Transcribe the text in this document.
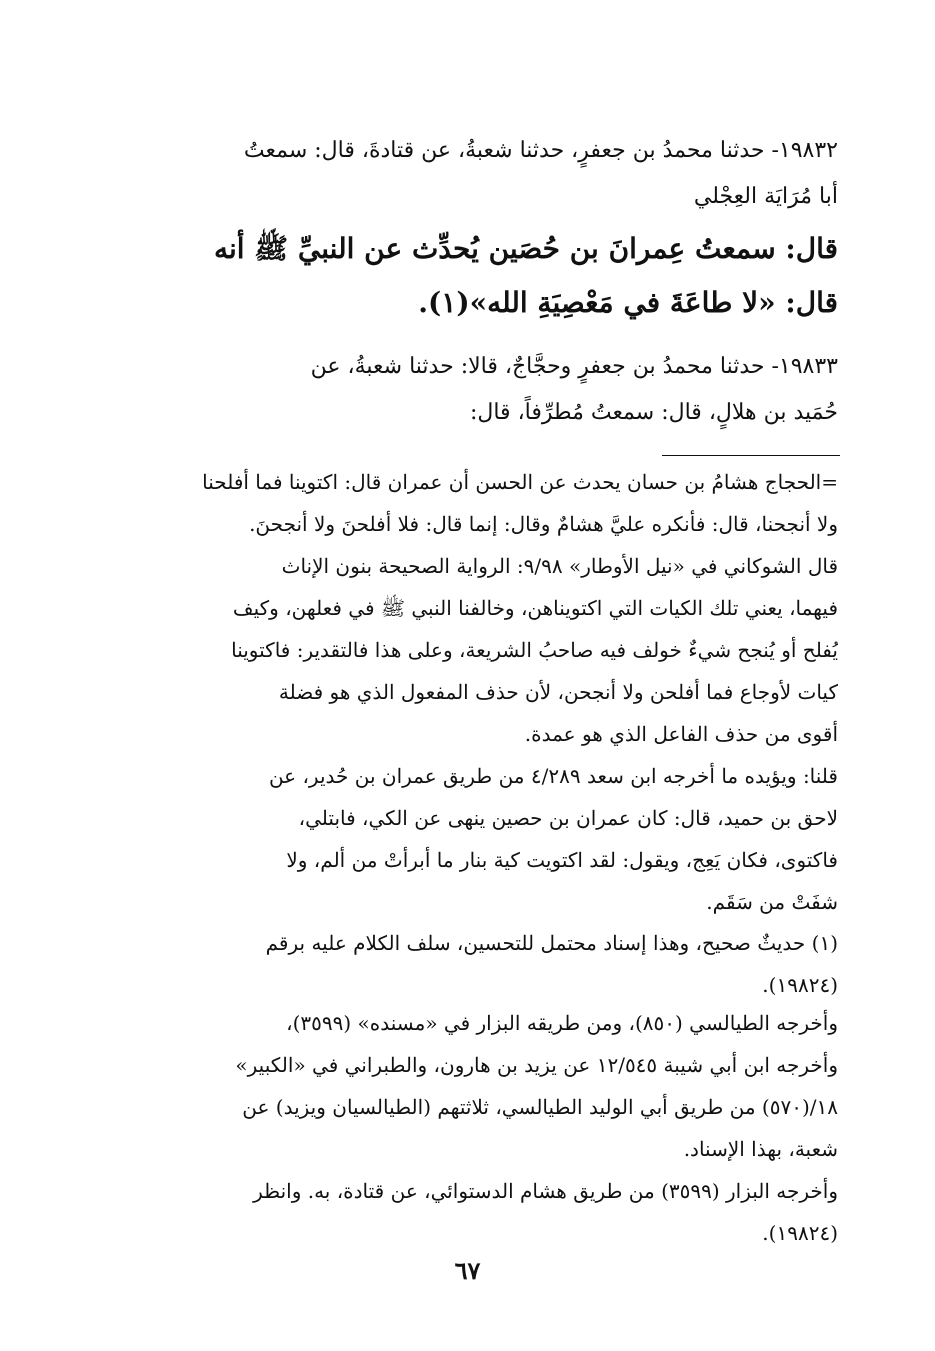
١٩٨٣٢- حدثنا محمدُ بن جعفرٍ، حدثنا شعبةُ، عن قتادةَ، قال: سمعتُ
أبا مُرَايَة العِجْلي
قال: سمعتُ عِمرانَ بن حُصَين يُحدِّث عن النبيِّ ﷺ أنه
قال: «لا طاعَةَ في مَعْصِيَةِ الله»(١).
١٩٨٣٣- حدثنا محمدُ بن جعفرٍ وحجَّاجٌ، قالا: حدثنا شعبةُ، عن
حُمَيد بن هلالٍ، قال: سمعتُ مُطرِّفاً، قال:
=الحجاج هشامُ بن حسان يحدث عن الحسن أن عمران قال: اكتوينا فما أفلحنا
ولا أنجحنا، قال: فأنكره عليَّ هشامٌ وقال: إنما قال: فلا أفلحنَ ولا أنجحنَ.
قال الشوكاني في «نيل الأوطار» ٩/٩٨: الرواية الصحيحة بنون الإناث
فيهما، يعني تلك الكيات التي اكتويناهن، وخالفنا النبي ﷺ في فعلهن، وكيف
يُفلح أو يُنجح شيءٌ خولف فيه صاحبُ الشريعة، وعلى هذا فالتقدير: فاكتوينا
كيات لأوجاع فما أفلحن ولا أنجحن، لأن حذف المفعول الذي هو فضلة
أقوى من حذف الفاعل الذي هو عمدة.
قلنا: ويؤيده ما أخرجه ابن سعد ٤/٢٨٩ من طريق عمران بن حُدير، عن
لاحق بن حميد، قال: كان عمران بن حصين ينهى عن الكي، فابتلي،
فاكتوى، فكان يَعِج، ويقول: لقد اكتويت كية بنار ما أبرأتْ من ألم، ولا
شفَتْ من سَقَم.
(١) حديثٌ صحيح، وهذا إسناد محتمل للتحسين، سلف الكلام عليه برقم
(١٩٨٢٤).
وأخرجه الطيالسي (٨٥٠)، ومن طريقه البزار في «مسنده» (٣٥٩٩)،
وأخرجه ابن أبي شيبة ١٢/٥٤٥ عن يزيد بن هارون، والطبراني في «الكبير»
١٨/(٥٧٠) من طريق أبي الوليد الطيالسي، ثلاثتهم (الطيالسيان ويزيد) عن
شعبة، بهذا الإسناد.
وأخرجه البزار (٣٥٩٩) من طريق هشام الدستوائي، عن قتادة، به. وانظر
(١٩٨٢٤).
٦٧
